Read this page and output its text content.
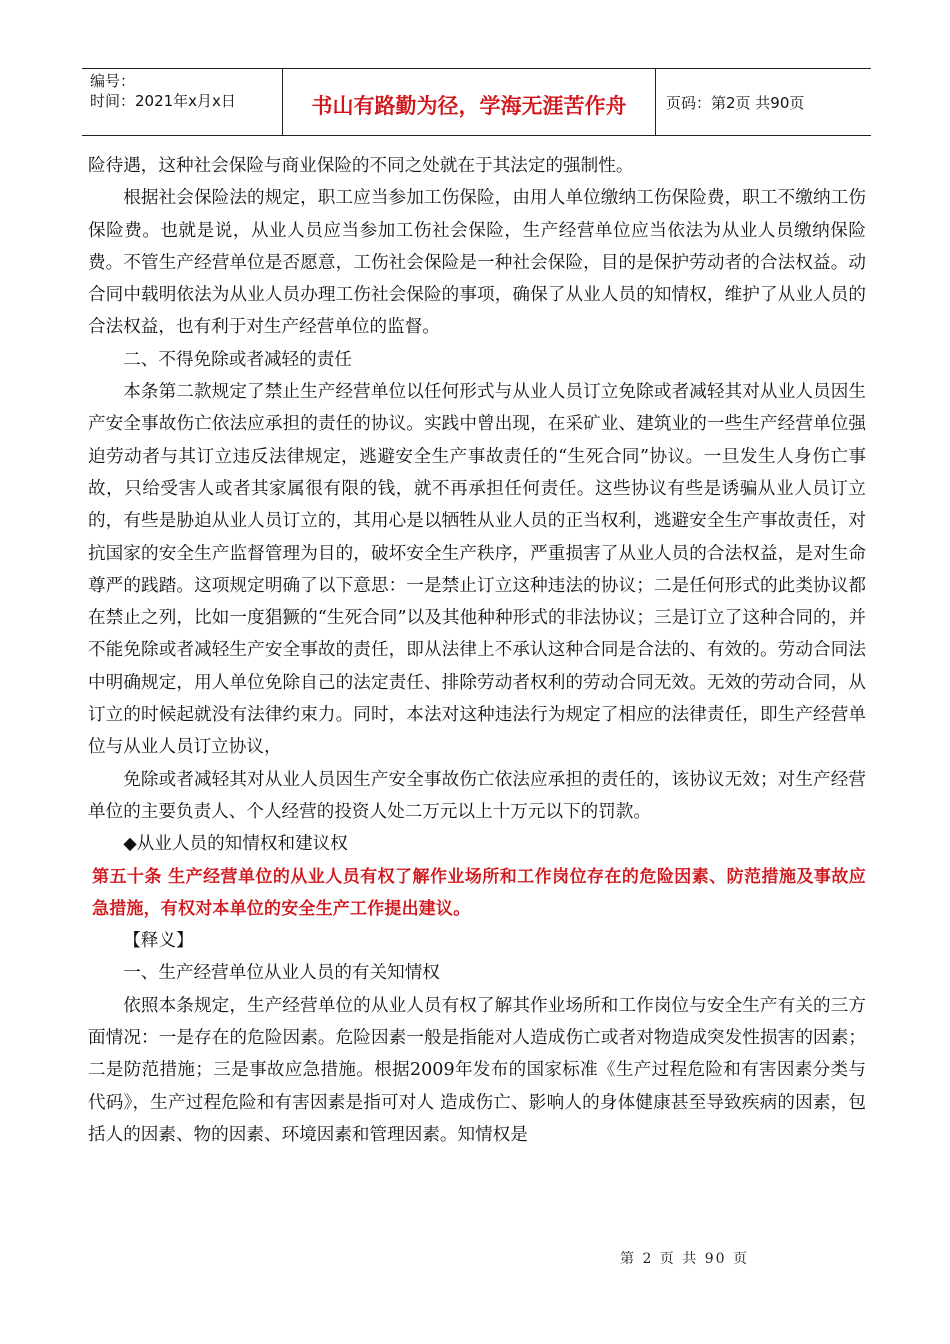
编号：
时间：2021年x月x日	书山有路勤为径，学海无涯苦作舟	页码：第2页 共90页

险待遇，这种社会保险与商业保险的不同之处就在于其法定的强制性。

根据社会保险法的规定，职工应当参加工伤保险，由用人单位缴纳工伤保险费，职工不缴纳工伤保险费。也就是说，从业人员应当参加工伤社会保险，生产经营单位应当依法为从业人员缴纳保险费。不管生产经营单位是否愿意，工伤社会保险是一种社会保险，目的是保护劳动者的合法权益。动合同中载明依法为从业人员办理工伤社会保险的事项，确保了从业人员的知情权，维护了从业人员的合法权益，也有利于对生产经营单位的监督。

二、不得免除或者减轻的责任

本条第二款规定了禁止生产经营单位以任何形式与从业人员订立免除或者减轻其对从业人员因生产安全事故伤亡依法应承担的责任的协议。实践中曾出现，在采矿业、建筑业的一些生产经营单位强迫劳动者与其订立违反法律规定，逃避安全生产事故责任的“生死合同”协议。一旦发生人身伤亡事故，只给受害人或者其家属很有限的钱，就不再承担任何责任。这些协议有些是诱骗从业人员订立的，有些是胁迫从业人员订立的，其用心是以牺牲从业人员的正当权利，逃避安全生产事故责任，对抗国家的安全生产监督管理为目的，破坏安全生产秩序，严重损害了从业人员的合法权益，是对生命尊严的践踏。这项规定明确了以下意思：一是禁止订立这种违法的协议；二是任何形式的此类协议都在禁止之列，比如一度猖獗的“生死合同”以及其他种种形式的非法协议；三是订立了这种合同的，并不能免除或者减轻生产安全事故的责任，即从法律上不承认这种合同是合法的、有效的。劳动合同法中明确规定，用人单位免除自己的法定责任、排除劳动者权利的劳动合同无效。无效的劳动合同，从订立的时候起就没有法律约束力。同时，本法对这种违法行为规定了相应的法律责任，即生产经营单位与从业人员订立协议，

免除或者减轻其对从业人员因生产安全事故伤亡依法应承担的责任的，该协议无效；对生产经营单位的主要负责人、个人经营的投资人处二万元以上十万元以下的罚款。

◆从业人员的知情权和建议权

第五十条 生产经营单位的从业人员有权了解作业场所和工作岗位存在的危险因素、防范措施及事故应急措施，有权对本单位的安全生产工作提出建议。

【释义】

一、生产经营单位从业人员的有关知情权

依照本条规定，生产经营单位的从业人员有权了解其作业场所和工作岗位与安全生产有关的三方面情况：一是存在的危险因素。危险因素一般是指能对人造成伤亡或者对物造成突发性损害的因素；二是防范措施；三是事故应急措施。根据2009年发布的国家标准《生产过程危险和有害因素分类与代码》，生产过程危险和有害因素是指可对人 造成伤亡、影响人的身体健康甚至导致疾病的因素，包括人的因素、物的因素、环境因素和管理因素。知情权是

第 2 页 共 90 页
